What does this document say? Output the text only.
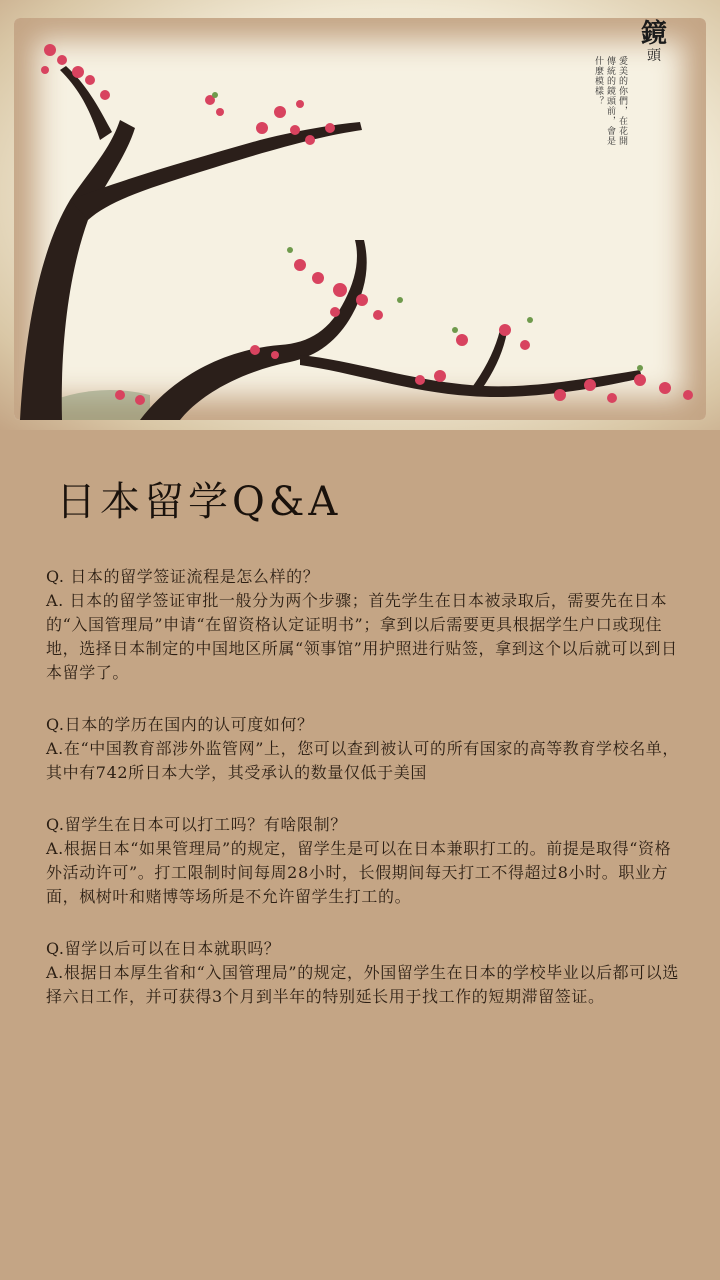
鏡
頭
愛美的你們，在花開傳統的鏡頭前，會是什麼模樣？
日本留学Q&A

Q. 日本的留学签证流程是怎么样的？

A. 日本的留学签证审批一般分为两个步骤；首先学生在日本被录取后，需要先在日本的“入国管理局”申请“在留资格认定证明书”；拿到以后需要更具根据学生户口或现住地，选择日本制定的中国地区所属“领事馆”用护照进行贴签，拿到这个以后就可以到日本留学了。

Q.日本的学历在国内的认可度如何？

A.在“中国教育部涉外监管网”上，您可以查到被认可的所有国家的高等教育学校名单，其中有742所日本大学，其受承认的数量仅低于美国

Q.留学生在日本可以打工吗？有啥限制？

A.根据日本“如果管理局”的规定，留学生是可以在日本兼职打工的。前提是取得“资格外活动许可”。打工限制时间每周28小时，长假期间每天打工不得超过8小时。职业方面，枫树叶和赌博等场所是不允许留学生打工的。

Q.留学以后可以在日本就职吗？

A.根据日本厚生省和“入国管理局”的规定，外国留学生在日本的学校毕业以后都可以选择六日工作，并可获得3个月到半年的特别延长用于找工作的短期滞留签证。
